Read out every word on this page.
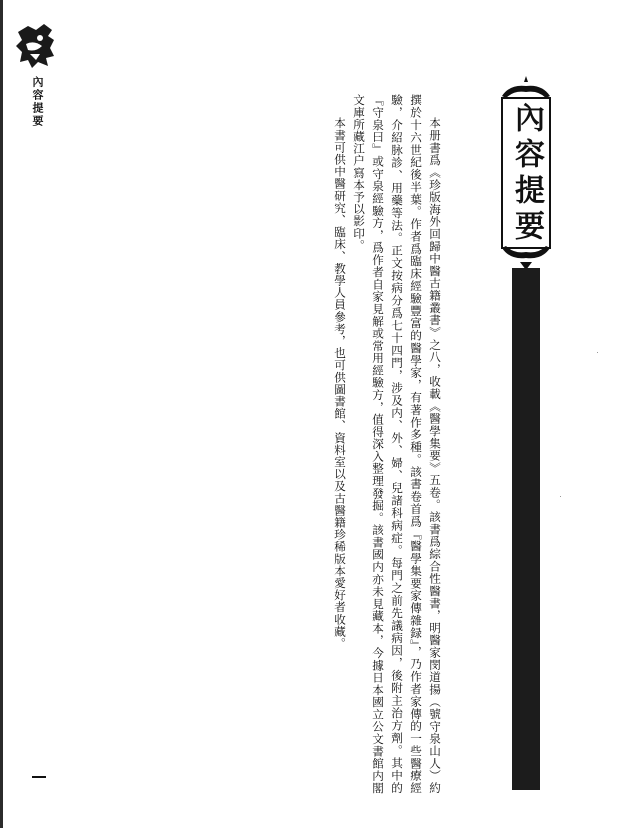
內容提要	內容提要

本册書爲《珍版海外回歸中醫古籍叢書》之八，收載《醫學集要》五卷。該書爲綜合性醫書，明醫家閔道揚（號守泉山人）約撰於十六世紀後半葉。作者爲臨床經驗豐富的醫學家，有著作多種。該書卷首爲『醫學集要家傳雜録』，乃作者家傳的一些醫療經驗，介紹脉診、用藥等法。正文按病分爲七十四門，涉及内、外、婦、兒諸科病症。每門之前先議病因，後附主治方劑。其中的『守泉曰』或守泉經驗方，爲作者自家見解或常用經驗方，值得深入整理發掘。該書國内亦未見藏本，今據日本國立公文書館内閣文庫所藏江户寫本予以影印。

本書可供中醫研究、臨床、教學人員參考，也可供圖書館、資料室以及古醫籍珍稀版本愛好者收藏。
